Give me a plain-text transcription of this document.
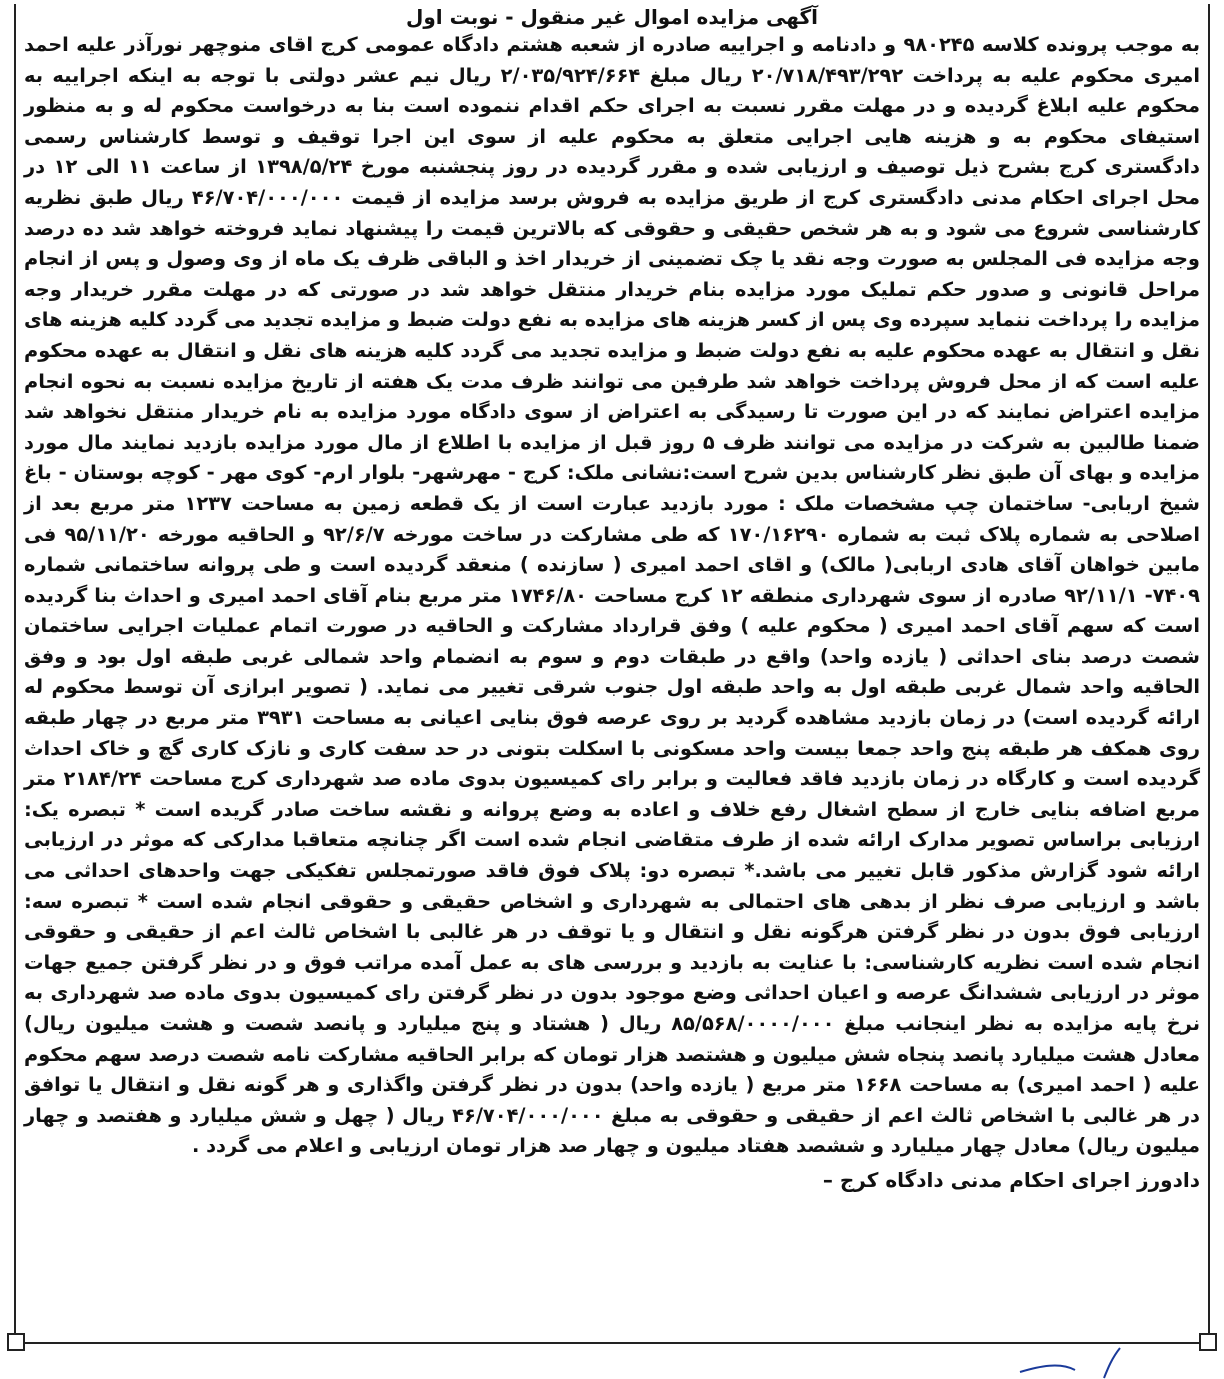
آگهی مزایده اموال غیر منقول - نوبت اول

به موجب پرونده کلاسه ۹۸۰۲۴۵ و دادنامه و اجراییه صادره از شعبه هشتم دادگاه عمومی کرج اقای منوچهر نورآذر علیه احمد امیری محکوم علیه به پرداخت ۲۰/۷۱۸/۴۹۳/۲۹۲ ریال مبلغ ۲/۰۳۵/۹۲۴/۶۶۴ ریال نیم عشر دولتی با توجه به اینکه اجراییه به محکوم علیه ابلاغ گردیده و در مهلت مقرر نسبت به اجرای حکم اقدام ننموده است بنا به درخواست محکوم له و به منظور استیفای محکوم به و هزینه هایی اجرایی متعلق به محکوم علیه از سوی این اجرا توقیف و توسط کارشناس رسمی دادگستری کرج بشرح ذیل توصیف و ارزیابی شده و مقرر گردیده در روز پنجشنبه مورخ ۱۳۹۸/۵/۲۴ از ساعت ۱۱ الی ۱۲ در محل اجرای احکام مدنی دادگستری کرج از طریق مزایده به فروش برسد مزایده از قیمت ۴۶/۷۰۴/۰۰۰/۰۰۰ ریال طبق نظریه کارشناسی شروع می شود و به هر شخص حقیقی و حقوقی که بالاترین قیمت را پیشنهاد نماید فروخته خواهد شد ده درصد وجه مزایده فی المجلس به صورت وجه نقد یا چک تضمینی از خریدار اخذ و الباقی ظرف یک ماه از وی وصول و پس از انجام مراحل قانونی و صدور حکم تملیک مورد مزایده بنام خریدار منتقل خواهد شد در صورتی که در مهلت مقرر خریدار وجه مزایده را پرداخت ننماید سپرده وی پس از کسر هزینه های مزایده به نفع دولت ضبط و مزایده تجدید می گردد کلیه هزینه های نقل و انتقال به عهده محکوم علیه به نفع دولت ضبط و مزایده تجدید می گردد کلیه هزینه های نقل و انتقال به عهده محکوم علیه است که از محل فروش پرداخت خواهد شد طرفین می توانند ظرف مدت یک هفته از تاریخ مزایده نسبت به نحوه انجام مزایده اعتراض نمایند که در این صورت تا رسیدگی به اعتراض از سوی دادگاه مورد مزایده به نام خریدار منتقل نخواهد شد ضمنا طالبین به شرکت در مزایده می توانند ظرف ۵ روز قبل از مزایده با اطلاع از مال مورد مزایده بازدید نمایند مال مورد مزایده و بهای آن طبق نظر کارشناس بدین شرح است:نشانی ملک: کرج - مهرشهر- بلوار ارم- کوی مهر - کوچه بوستان - باغ شیخ اربابی- ساختمان چپ مشخصات ملک : مورد بازدید عبارت است از یک قطعه زمین به مساحت ۱۲۳۷ متر مربع بعد از اصلاحی به شماره پلاک ثبت به شماره ۱۷۰/۱۶۲۹۰ که طی مشارکت در ساخت مورخه ۹۲/۶/۷ و الحاقیه مورخه ۹۵/۱۱/۲۰ فی مابین خواهان آقای هادی اربابی( مالک) و اقای احمد امیری ( سازنده ) منعقد گردیده است و طی پروانه ساختمانی شماره ۷۴۰۹- ۹۲/۱۱/۱ صادره از سوی شهرداری منطقه ۱۲ کرج مساحت ۱۷۴۶/۸۰ متر مربع بنام آقای احمد امیری و احداث بنا گردیده است که سهم آقای احمد امیری ( محکوم علیه ) وفق قرارداد مشارکت و الحاقیه در صورت اتمام عملیات اجرایی ساختمان شصت درصد بنای احداثی ( یازده واحد) واقع در طبقات دوم و سوم به انضمام واحد شمالی غربی طبقه اول بود و وفق الحاقیه واحد شمال غربی طبقه اول به واحد طبقه اول جنوب شرقی تغییر می نماید. ( تصویر ابرازی آن توسط محکوم له ارائه گردیده است) در زمان بازدید مشاهده گردید بر روی عرصه فوق بنایی اعیانی به مساحت ۳۹۳۱ متر مربع در چهار طبقه روی همکف هر طبقه پنج واحد جمعا بیست واحد مسکونی با اسکلت بتونی در حد سفت کاری و نازک کاری گچ و خاک احداث گردیده است و کارگاه در زمان بازدید فاقد فعالیت و برابر رای کمیسیون بدوی ماده صد شهرداری کرج مساحت ۲۱۸۴/۲۴ متر مربع اضافه بنایی خارج از سطح اشغال رفع خلاف و اعاده به وضع پروانه و نقشه ساخت صادر گریده است * تبصره یک: ارزیابی براساس تصویر مدارک ارائه شده از طرف متقاضی انجام شده است اگر چنانچه متعاقبا مدارکی که موثر در ارزیابی ارائه شود گزارش مذکور قابل تغییر می باشد.* تبصره دو: پلاک فوق فاقد صورتمجلس تفکیکی جهت واحدهای احداثی می باشد و ارزیابی صرف نظر از بدهی های احتمالی به شهرداری و اشخاص حقیقی و حقوقی انجام شده است * تبصره سه: ارزیابی فوق بدون در نظر گرفتن هرگونه نقل و انتقال و یا توقف در هر غالبی با اشخاص ثالث اعم از حقیقی و حقوقی انجام شده است نظریه کارشناسی: با عنایت به بازدید و بررسی های به عمل آمده مراتب فوق و در نظر گرفتن جمیع جهات موثر در ارزیابی ششدانگ عرصه و اعیان احداثی وضع موجود بدون در نظر گرفتن رای کمیسیون بدوی ماده صد شهرداری به نرخ پایه مزایده به نظر اینجانب مبلغ ۸۵/۵۶۸/۰۰۰۰/۰۰۰ ریال ( هشتاد و پنج میلیارد و پانصد شصت و هشت میلیون ریال) معادل هشت میلیارد پانصد پنجاه شش میلیون و هشتصد هزار تومان که برابر الحاقیه مشارکت نامه شصت درصد سهم محکوم علیه ( احمد امیری) به مساحت ۱۶۶۸ متر مربع ( یازده واحد) بدون در نظر گرفتن واگذاری و هر گونه نقل و انتقال یا توافق در هر غالبی با اشخاص ثالث اعم از حقیقی و حقوقی به مبلغ ۴۶/۷۰۴/۰۰۰/۰۰۰ ریال ( چهل و شش میلیارد و هفتصد و چهار میلیون ریال) معادل چهار میلیارد و ششصد هفتاد میلیون و چهار صد هزار تومان ارزیابی و اعلام می گردد .

دادورز اجرای احکام مدنی دادگاه کرج –
